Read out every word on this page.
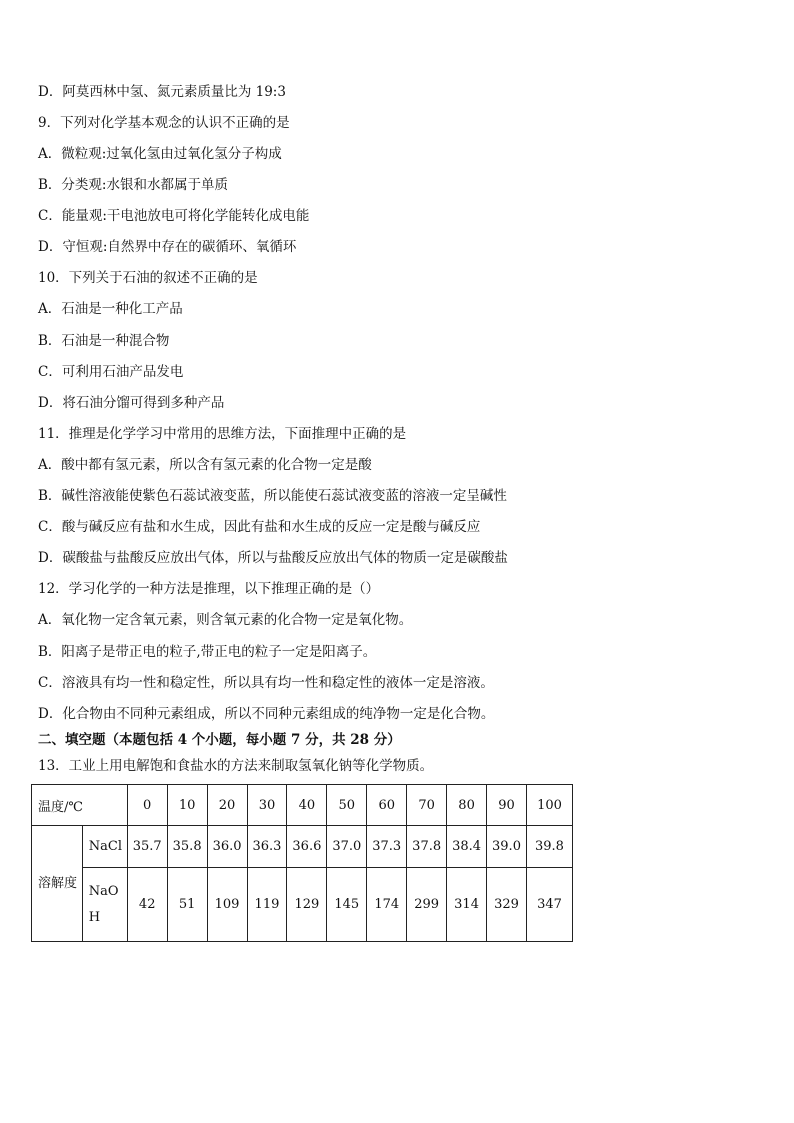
D．阿莫西林中氢、氮元素质量比为 19:3
9．下列对化学基本观念的认识不正确的是
A．微粒观:过氧化氢由过氧化氢分子构成
B．分类观:水银和水都属于单质
C．能量观:干电池放电可将化学能转化成电能
D．守恒观:自然界中存在的碳循环、氧循环
10．下列关于石油的叙述不正确的是
A．石油是一种化工产品
B．石油是一种混合物
C．可利用石油产品发电
D．将石油分馏可得到多种产品
11．推理是化学学习中常用的思维方法，下面推理中正确的是
A．酸中都有氢元素，所以含有氢元素的化合物一定是酸
B．碱性溶液能使紫色石蕊试液变蓝，所以能使石蕊试液变蓝的溶液一定呈碱性
C．酸与碱反应有盐和水生成，因此有盐和水生成的反应一定是酸与碱反应
D．碳酸盐与盐酸反应放出气体，所以与盐酸反应放出气体的物质一定是碳酸盐
12．学习化学的一种方法是推理，以下推理正确的是（）
A．氧化物一定含氧元素，则含氧元素的化合物一定是氧化物。
B．阳离子是带正电的粒子,带正电的粒子一定是阳离子。
C．溶液具有均一性和稳定性，所以具有均一性和稳定性的液体一定是溶液。
D．化合物由不同种元素组成，所以不同种元素组成的纯净物一定是化合物。
二、填空题（本题包括 4 个小题，每小题 7 分，共 28 分）
13．工业上用电解饱和食盐水的方法来制取氢氧化钠等化学物质。
温度/℃		0	10	20	30	40	50	60	70	80	90	100
溶解度	NaCl	35.7	35.8	36.0	36.3	36.6	37.0	37.3	37.8	38.4	39.0	39.8
	NaOH	42	51	109	119	129	145	174	299	314	329	347
